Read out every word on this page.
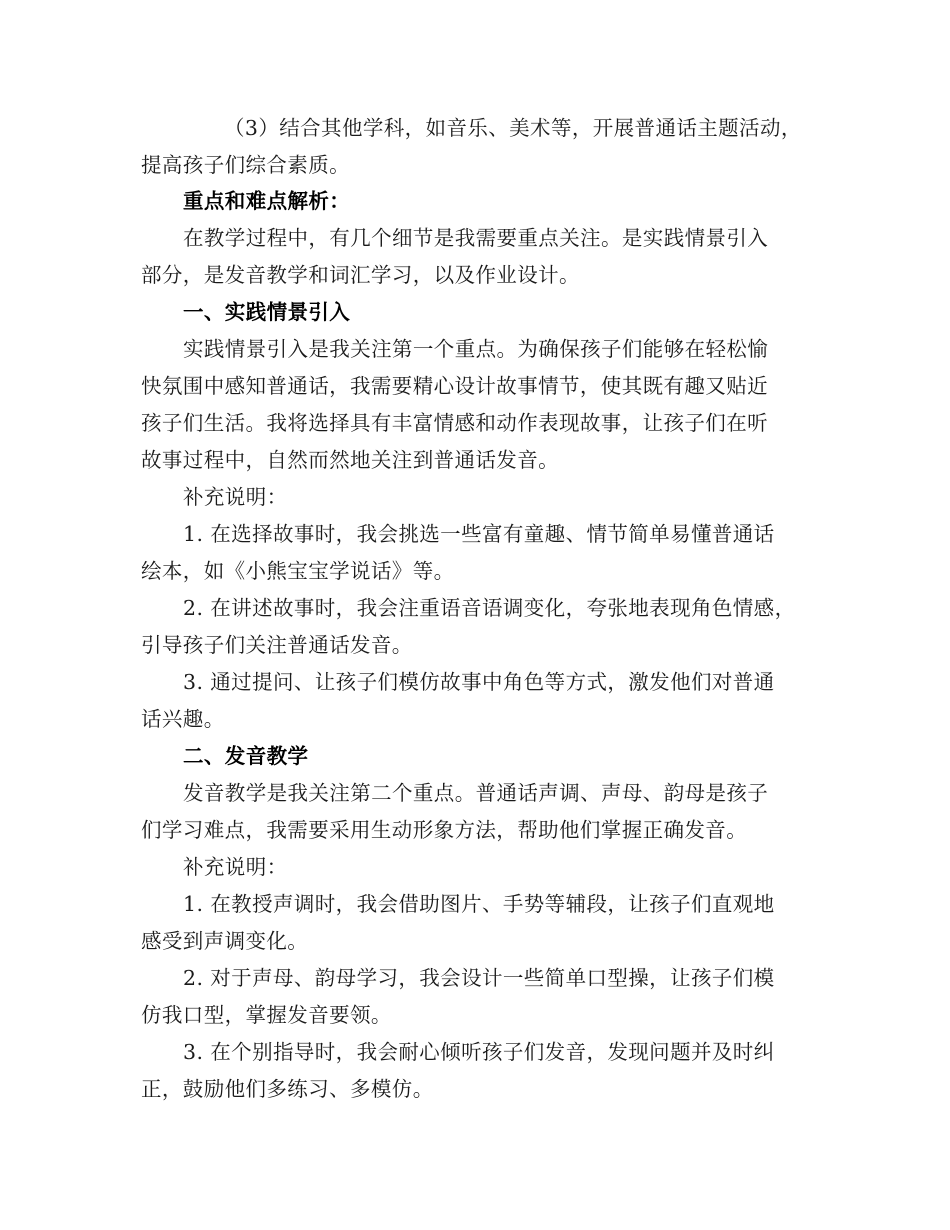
（3）结合其他学科，如音乐、美术等，开展普通话主题活动，
提高孩子们综合素质。
重点和难点解析：
在教学过程中，有几个细节是我需要重点关注。是实践情景引入
部分，是发音教学和词汇学习，以及作业设计。
一、实践情景引入
实践情景引入是我关注第一个重点。为确保孩子们能够在轻松愉
快氛围中感知普通话，我需要精心设计故事情节，使其既有趣又贴近
孩子们生活。我将选择具有丰富情感和动作表现故事，让孩子们在听
故事过程中，自然而然地关注到普通话发音。
补充说明：
1. 在选择故事时，我会挑选一些富有童趣、情节简单易懂普通话
绘本，如《小熊宝宝学说话》等。
2. 在讲述故事时，我会注重语音语调变化，夸张地表现角色情感，
引导孩子们关注普通话发音。
3. 通过提问、让孩子们模仿故事中角色等方式，激发他们对普通
话兴趣。
二、发音教学
发音教学是我关注第二个重点。普通话声调、声母、韵母是孩子
们学习难点，我需要采用生动形象方法，帮助他们掌握正确发音。
补充说明：
1. 在教授声调时，我会借助图片、手势等辅段，让孩子们直观地
感受到声调变化。
2. 对于声母、韵母学习，我会设计一些简单口型操，让孩子们模
仿我口型，掌握发音要领。
3. 在个别指导时，我会耐心倾听孩子们发音，发现问题并及时纠
正，鼓励他们多练习、多模仿。
